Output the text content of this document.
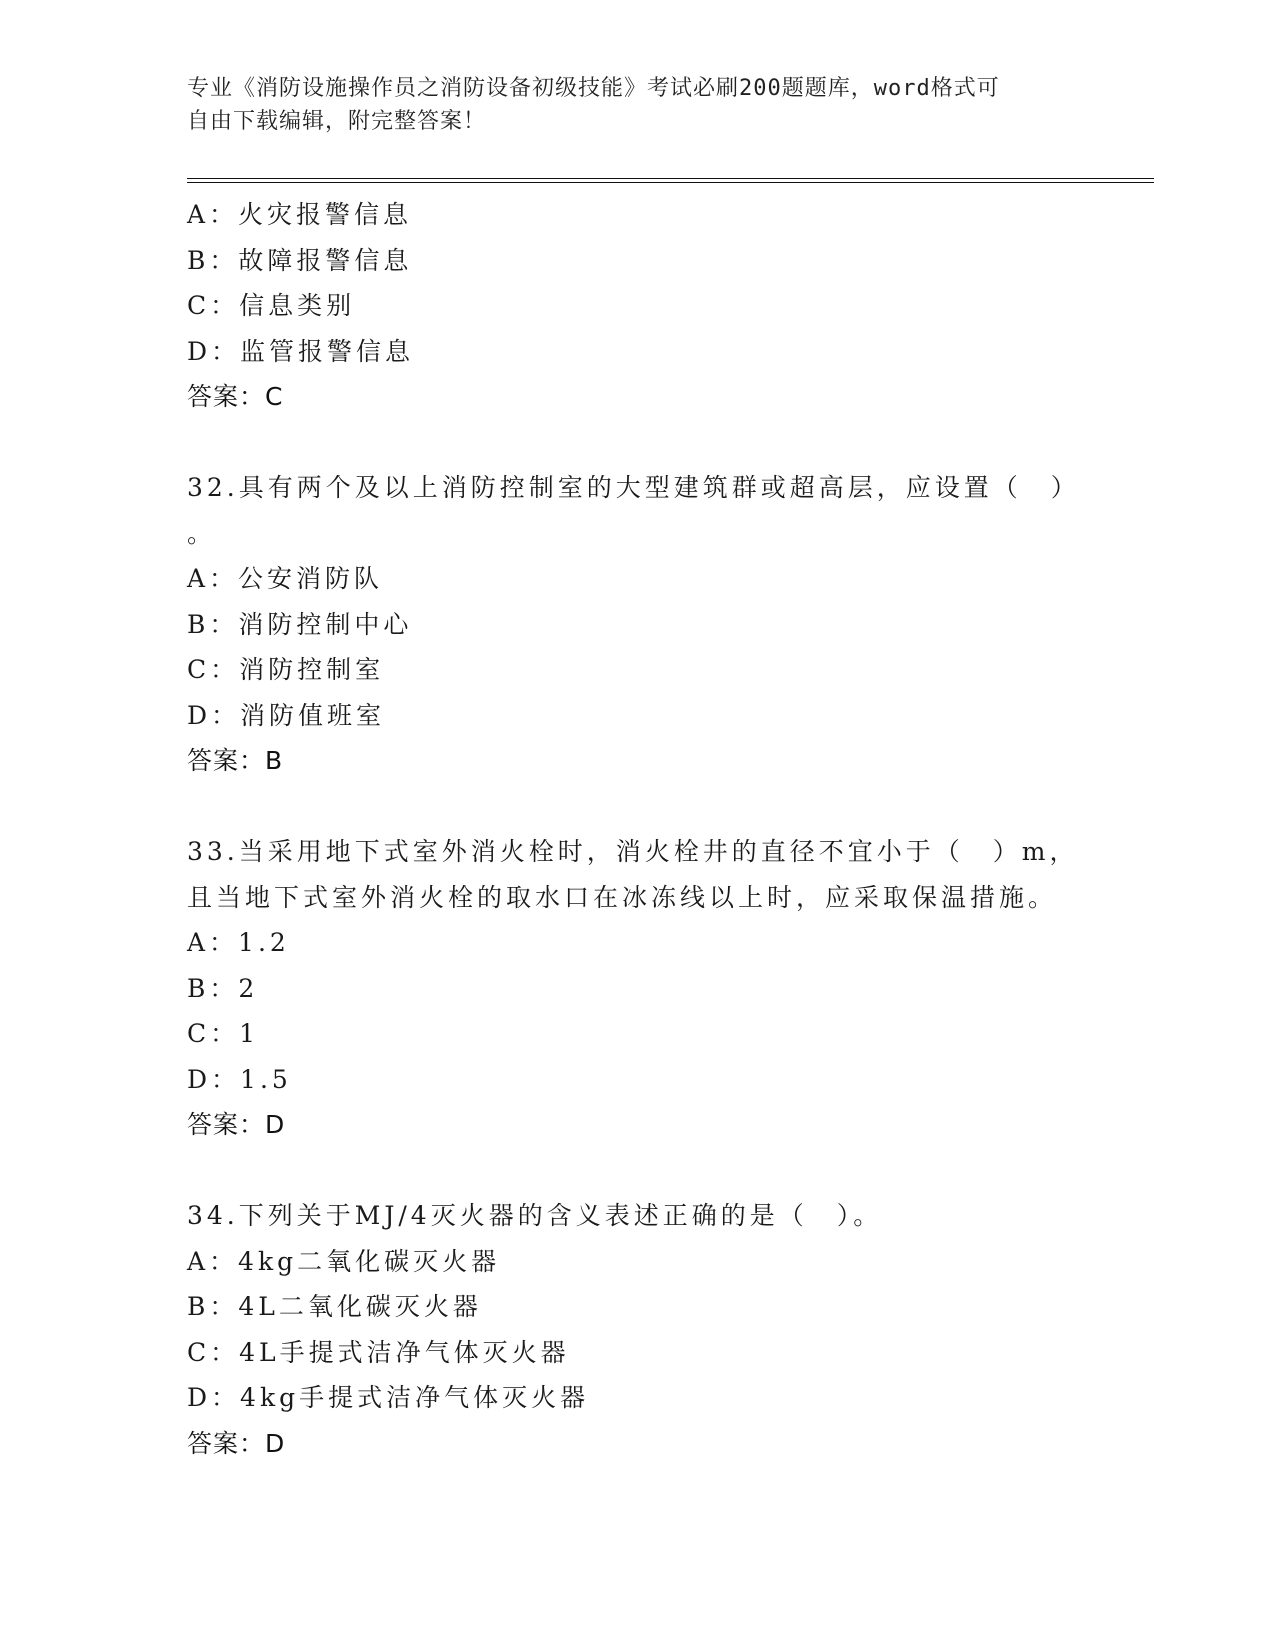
专业《消防设施操作员之消防设备初级技能》考试必刷200题题库，word格式可
自由下载编辑，附完整答案！
A：火灾报警信息
B：故障报警信息
C：信息类别
D：监管报警信息
答案：C
32.具有两个及以上消防控制室的大型建筑群或超高层，应设置（　）
。
A：公安消防队
B：消防控制中心
C：消防控制室
D：消防值班室
答案：B
33.当采用地下式室外消火栓时，消火栓井的直径不宜小于（　）m，
且当地下式室外消火栓的取水口在冰冻线以上时，应采取保温措施。
A：1.2
B：2
C：1
D：1.5
答案：D
34.下列关于MJ/4灭火器的含义表述正确的是（　）。
A：4kg二氧化碳灭火器
B：4L二氧化碳灭火器
C：4L手提式洁净气体灭火器
D：4kg手提式洁净气体灭火器
答案：D
